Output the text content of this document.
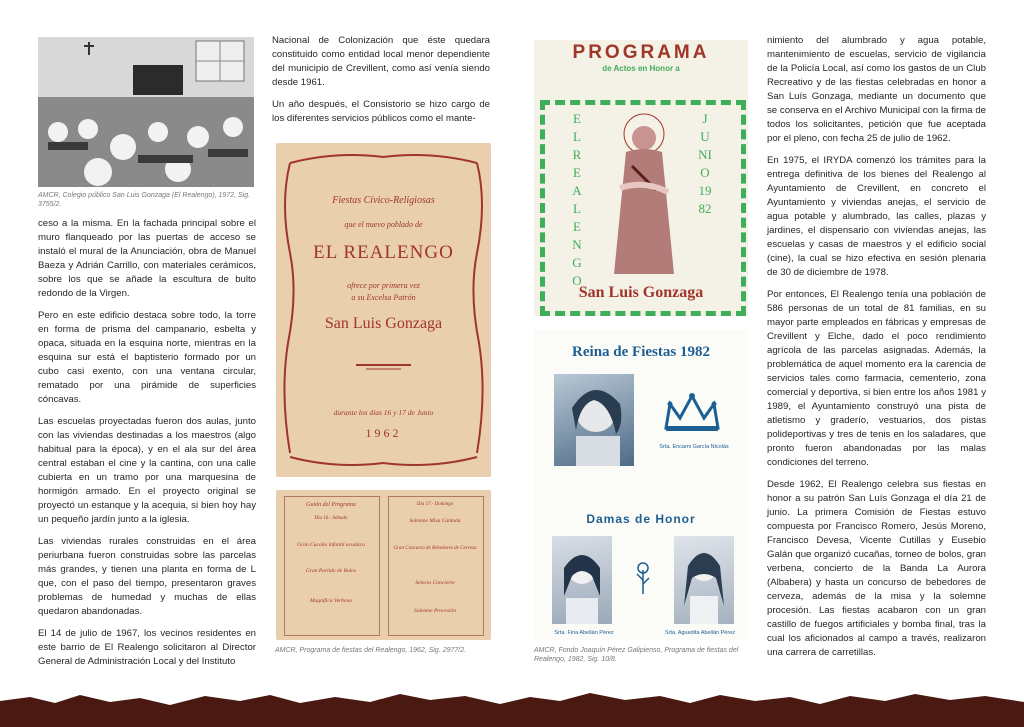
AMCR, Colegio público San Luis Gonzaga (El Realengo), 1972, Sig. 3755/2.

ceso a la misma. En la fachada principal sobre el muro flanqueado por las puertas de acceso se instaló el mural de la Anunciación, obra de Manuel Baeza y Adrián Carrillo, con materiales cerámicos, sobre los que se añade la escultura de bulto redondo de la Virgen.

Pero en este edificio destaca sobre todo, la torre en forma de prisma del campanario, esbelta y opaca, situada en la esquina norte, mientras en la esquina sur está el baptisterio formado por un cubo casi exento, con una ventana circular, rematado por una pirámide de superficies cóncavas.

Las escuelas proyectadas fueron dos aulas, junto con las viviendas destinadas a los maestros (algo habitual para la época), y en el ala sur del área central estaban el cine y la cantina, con una calle cubierta en un tramo por una marquesina de hormigón armado. En el proyecto original se proyectó un estanque y la acequia, si bien hoy hay un pequeño jardín junto a la iglesia.

Las viviendas rurales construidas en el área periurbana fueron construidas sobre las parcelas más grandes, y tienen una planta en forma de L que, con el paso del tiempo, presentaron graves problemas de humedad y muchas de ellas quedaron abandonadas.

El 14 de julio de 1967, los vecinos residentes en este barrio de El Realengo solicitaron al Director General de Administración Local y del Instituto

Nacional de Colonización que éste quedara constituido como entidad local menor dependiente del municipio de Crevillent, como así venía siendo desde 1961.

Un año después, el Consistorio se hizo cargo de los diferentes servicios públicos como el mante-

Fiestas Cívico-Religiosas
que el nuevo poblado de
EL REALENGO
ofrece por primera vez
a su Excelsa Patrón
San Luis Gonzaga
durante los días 16 y 17 de Junio
1962
Guión del Programa
Día 16.- Sábado
Gran Cucaña infantil acuática
Gran Partido de Bolos
Magnífica Verbena
Día 17.- Domingo
Solemne Misa Cantada
Gran Concurso de Bebedores de Cerveza
Selecto Concierto
Solemne Procesión
AMCR, Programa de fiestas del Realengo, 1962, Sig. 2977/2.
PROGRAMA
de Actos en Honor a
EL REALENGO
JUNIO 1982
San Luis Gonzaga
Reina de Fiestas 1982
Srta. Encarni García Nicolás
Damas de Honor
Srta. Fina Abellán Pérez	Srta. Aguedita Abellán Pérez
AMCR, Fondo Joaquín Pérez Galipienso, Programa de fiestas del Realengo, 1982, Sig. 10/8.

nimiento del alumbrado y agua potable, mantenimiento de escuelas, servicio de vigilancia de la Policía Local, así como los gastos de un Club Recreativo y de las fiestas celebradas en honor a San Luís Gonzaga, mediante un documento que se conserva en el Archivo Municipal con la firma de todos los solicitantes, petición que fue aceptada por el pleno, con fecha 25 de julio de 1962.

En 1975, el IRYDA comenzó los trámites para la entrega definitiva de los bienes del Realengo al Ayuntamiento de Crevillent, en concreto el Ayuntamiento y viviendas anejas, el servicio de agua potable y alumbrado, las calles, plazas y jardines, el dispensario con viviendas anejas, las escuelas y casas de maestros y el edificio social (cine), la cual se hizo efectiva en sesión plenaria de 30 de diciembre de 1978.

Por entonces, El Realengo tenía una población de 586 personas de un total de 81 familias, en su mayor parte empleados en fábricas y empresas de Crevillent y Elche, dado el poco rendimiento agrícola de las parcelas asignadas. Además, la problemática de aquel momento era la carencia de servicios tales como farmacia, cementerio, zona comercial y deportiva, si bien entre los años 1981 y 1989, el Ayuntamiento construyó una pista de atletismo y graderío, vestuarios, dos pistas polideportivas y tres de tenis en los saladares, que pronto fueron abandonadas por las malas condiciones del terreno.

Desde 1962, El Realengo celebra sus fiestas en honor a su patrón San Luís Gonzaga el día 21 de junio. La primera Comisión de Fiestas estuvo compuesta por Francisco Romero, Jesús Moreno, Francisco Devesa, Vicente Cutillas y Eusebio Galán que organizó cucañas, torneo de bolos, gran verbena, concierto de la Banda La Aurora (Albabera) y hasta un concurso de bebedores de cerveza, además de la misa y la solemne procesión. Las fiestas acabaron con un gran castillo de fuegos artificiales y bomba final, tras la cual los aficionados al campo a través, realizaron una carrera de carretillas.
